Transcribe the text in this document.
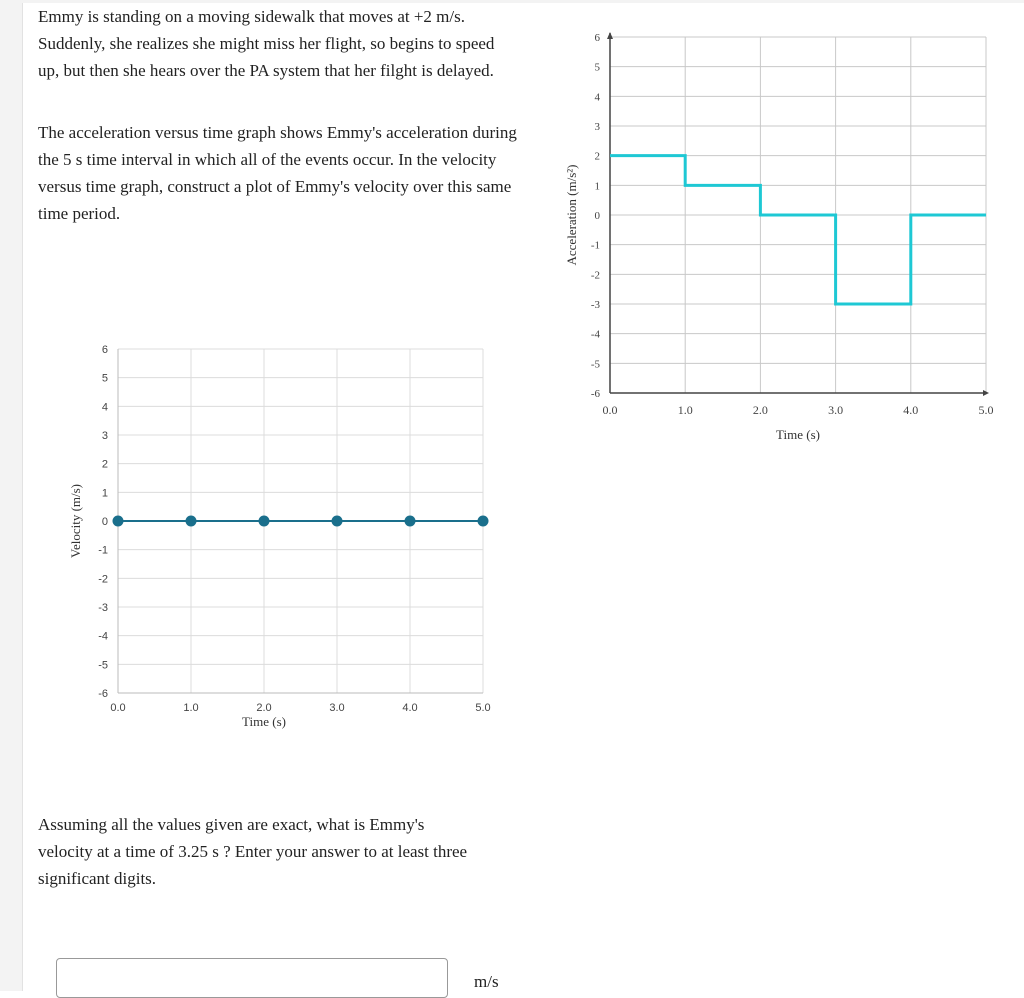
Emmy is standing on a moving sidewalk that moves at +2 m/s. Suddenly, she realizes she might miss her flight, so begins to speed up, but then she hears over the PA system that her filght is delayed.

The acceleration versus time graph shows Emmy's acceleration during the 5 s time interval in which all of the events occur. In the velocity versus time graph, construct a plot of Emmy's velocity over this same time period.

6
5
4
3
2
1
0
-1
-2
-3
-4
-5
-6
0.0	1.0	2.0	3.0	4.0	5.0
Time (s)
Acceleration (m/s²)
6
5
4
3
2
1
0
-1
-2
-3
-4
-5
-6
0.0	1.0	2.0	3.0	4.0	5.0
Time (s)
Velocity (m/s)

Assuming all the values given are exact, what is Emmy's velocity at a time of 3.25 s ? Enter your answer to at least three significant digits.

m/s
